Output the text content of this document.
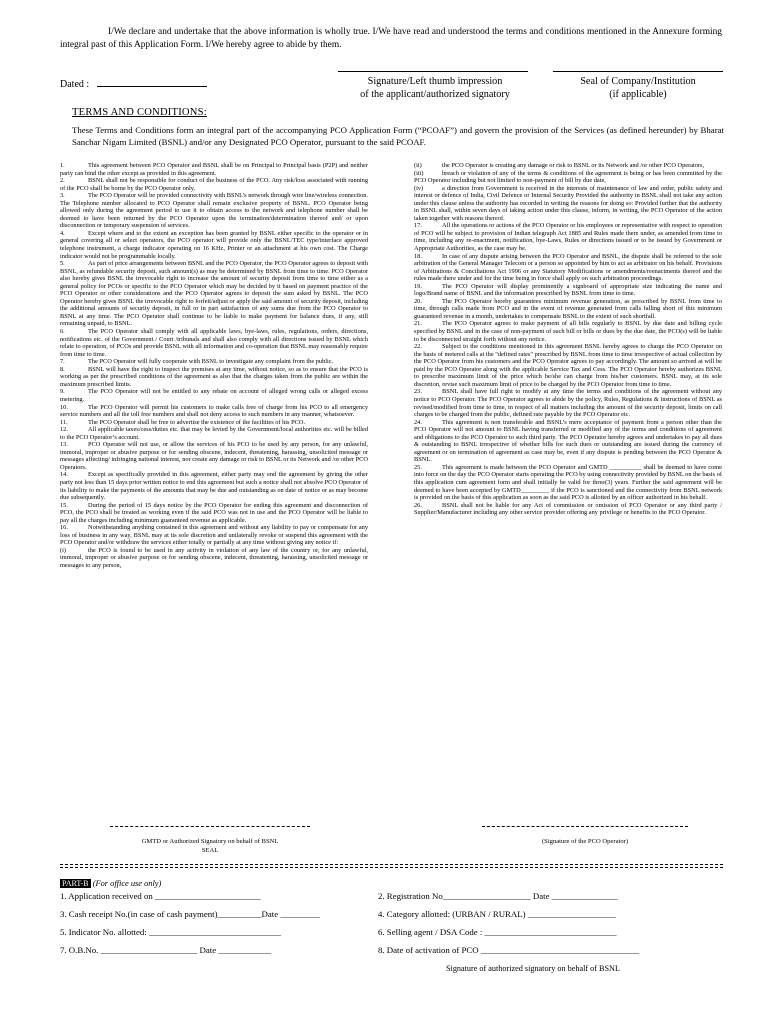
I/We declare and undertake that the above information is wholly true. I/We have read and understood the terms and conditions mentioned in the Annexure forming integral past of this Application Form. I/We hereby agree to abide by them.
Dated :	Signature/Left thumb impression
of the applicant/authorized signatory
Seal of Company/Institution
(if applicable)
TERMS AND CONDITIONS:
These Terms and Conditions form an integral part of the accompanying PCO Application Form (“PCOAF”) and govern the provision of the Services (as defined hereunder) by Bharat Sanchar Nigam Limited (BSNL) and/or any Designated PCO Operator, pursuant to the said PCOAF.

1.	This agreement between PCO Operator and BSNL shall be on Principal to Principal basis (P2P) and neither party can bind the other except as provided in this agreement.

2.	BSNL shall not be responsible for conduct of the business of the PCO. Any risk/loss associated with running of the PCO shall be borne by the PCO Operator only.

3.	The PCO Operator will be provided connectivity with BSNL’s network through wire line/wireless connection. The Telephone number allocated to PCO Operator shall remain exclusive property of BSNL. PCO Operator being allowed only during the agreement period to use it to obtain access to the network and telephone number shall be deemed to have been returned by the PCO Operator upon the termination/determination thereof and/ or upon disconnection or temporary suspension of services.

4.	Except where and to the extent an exception has been granted by BSNL either specific to the operator or in general covering all or select operators, the PCO operator will provide only the BSNL/TEC type/interface approved telephone instrument, a charge indicator operating on 16 KHz, Printer or an attachment at his own cost. The Charge indicator would not be programmable locally.

5.	As part of price arrangements between BSNL and the PCO Operator, the PCO Operator agrees to deposit with BSNL, as refundable security deposit, such amount(s) as may be determined by BSNL from time to time. PCO Operator also hereby gives BSNL the irrevocable right to increase the amount of security deposit from time to time either as a general policy for PCOs or specific to the PCO Operator which may be decided by it based on payment practice of the PCO Operator or other considerations and the PCO Operator agrees to deposit the sum asked by BSNL. The PCO Operator hereby gives BSNL the irrevocable right to forfeit/adjust or apply the said amount of security deposit, including the additional amounts of security deposit, in full or in part satisfaction of any sums due from the PCO Operator to BSNL at any time. The PCO Operator shall continue to be liable to make payment for balance dues, if any, still remaining unpaid, to BSNL.

6.	The PCO Operator shall comply with all applicable laws, bye-laws, rules, regulations, orders, directions, notifications etc. of the Government / Court /tribunals and shall also comply with all directions issued by BSNL which relate to operation, of PCOs and provide BSNL with all information and co-operation that BSNL may reasonably require from time to time.

7.	The PCO Operator will fully cooperate with BSNL to investigate any complaint from the public.

8.	BSNL will have the right to inspect the premises at any time, without notice, so as to ensure that the PCO is working as per the prescribed conditions of the agreement as also that the charges taken from the public are within the maximum prescribed limits.

9.	The PCO Operator will not be entitled to any rebate on account of alleged wrong calls or alleged excess metering.

10.	The PCO Operator will permit his customers to make calls free of charge from his PCO to all emergency service numbers and all the toll free numbers and shall not deny access to such numbers in any manner, whatsoever.

11.	The PCO Operator shall be free to advertise the existence of the facilities of his PCO.

12.	All applicable taxes/cess/duties etc. that may be levied by the Government/local authorities etc. will be billed to the PCO Operator’s account.

13.	PCO Operator will not use, or allow the services of his PCO to be used by any person, for any unlawful, immoral, improper or abusive purpose or for sending obscene, indecent, threatening, harassing, unsolicited message or messages affecting/ infringing national interest, nor create any damage or risk to BSNL or its Network and /or other PCO Operators.

14.	Except as specifically provided in this agreement, either party may end the agreement by giving the other party not less than 15 days prior written notice to end this agreement but such a notice shall not absolve PCO Operator of its liability to make the payments of the amounts that may be due and outstanding as on date of notice or as may become due subsequently.

15.	During the period of 15 days notice by the PCO Operator for ending this agreement and disconnection of PCO, the PCO shall be treated as working even if the said PCO was not in use and the PCO Operator will be liable to pay all the charges including minimum guaranteed revenue as applicable.

16.	Notwithstanding anything contained in this agreement and without any liability to pay or compensate for any loss of business in any way, BSNL may at its sole discretion and unilaterally revoke or suspend this agreement with the PCO Operator and/or withdraw the services either totally or partially at any time without giving any notice if:

(i)	the PCO is found to be used in any activity in violation of any law of the country or, for any unlawful, immoral, improper or abusive purpose or for sending obscene, indecent, threatening, harassing, unsolicited message or messages to any person,

(ii)	the PCO Operator is creating any damage or risk to BSNL or its Network and /or other PCO Operators,

(iii)	breach or violation of any of the terms & conditions of the agreement is being or has been committed by the PCO Operator including but not limited to non-payment of bill by due date,

(iv)	a direction from Government is received in the interests of maintenance of law and order, public safety and interest or defence of India, Civil Defence or Internal Security Provided the authority in BSNL shall not take any action under this clause unless the authority has recorded in writing the reasons for doing so: Provided further that the authority in BSNL shall, within seven days of taking action under this clause, inform, in writing, the PCO Operator of the action taken together with reasons thereof.

17.	All the operations or actions of the PCO Operator or his employees or representative with respect to operation of PCO will be subject to provision of Indian telegraph Act 1885 and Rules made there under, as amended from time to time, including any re-enactment, notification, bye-Laws, Rules or directions issued or to be issued by Government or Appropriate Authorities, as the case may be.

18.	In case of any dispute arising between the PCO Operator and BSNL, the dispute shall be referred to the sole arbitration of the General Manager Telecom or a person so appointed by him to act as arbitrator on his behalf. Provisions of Arbitrations & Conciliations Act 1996 or any Statutory Modifications or amendments/reenactments thereof and the rules made there under and for the time being in force shall apply on such arbitration proceedings.

19.	The PCO Operator will display prominently a signboard of appropriate size indicating the name and logo/Brand name of BSNL and the information prescribed by BSNL from time to time.

20.	The PCO Operator hereby guarantees minimum revenue generation, as prescribed by BSNL from time to time, through calls made from PCO and in the event of revenue generated from calls falling short of this minimum guaranteed revenue in a month, undertakes to compensate BSNL to the extent of such shortfall.

21.	The PCO Operator agrees to make payment of all bills regularly to BSNL by due date and billing cycle specified by BSNL and in the case of non-payment of such bill or bills or dues by the due date, the PCO(s) will be liable to be disconnected straight forth without any notice.

22.	Subject to the conditions mentioned in this agreement BSNL hereby agrees to charge the PCO Operator on the basis of metered calls at the "defined rates" prescribed by BSNL from time to time irrespective of actual collection by the PCO Operator from his customers and the PCO Operator agrees to pay accordingly. The amount so arrived at will be paid by the PCO Operator along with the applicable Service Tax and Cess. The PCO Operator hereby authorizes BSNL to prescribe maximum limit of the price which he/she can charge from his/her customers. BSNL may, at its sole discretion, revise such maximum limit of price to be charged by the PCO Operator from time to time.

23.	BSNL shall have full right to modify at any time the terms and conditions of the agreement without any notice to PCO Operator. The PCO Operator agrees to abide by the policy, Rules, Regulations & instructions of BSNL as revised/modified from time to time, in respect of all matters including the amount of the security deposit, limits on call charges to be charged from the public, defined rate payable by the PCO Operator etc.

24.	This agreement is non transferable and BSNL’s mere acceptance of payment from a person other than the PCO Operator will not amount to BSNL having transferred or modified any of the terms and conditions of agreement and obligations to the PCO Operator to such third party. The PCO Operator hereby agrees and undertakes to pay all dues & outstanding to BSNL irrespective of whether bills for such dues or outstanding are issued during the currency of agreement or on termination of agreement as case may be, even if any dispute is pending between the PCO Operator & BSNL.

25.	This agreement is made between the PCO Operator and GMTD __________ shall be deemed to have come into force on the day the PCO Operator starts operating the PCO by using connectivity provided by BSNL on the basis of this application cum agreement form and shall initially be valid for three(3) years. Further the said agreement will be deemed to have been accepted by GMTD_________ if the PCO is sanctioned and the connectivity from BSNL network is provided on the basis of this application as soon as the said PCO is allotted by an officer authorized in his behalf.

26.	BSNL shall not be liable for any Act of commission or omission of PCO Operator or any third party / Supplier/Manufacturer including any other service provider offering any privilege or benefits to the PCO Operator.

GMTD or Authorized Signatory on behalf of BSNL
SEAL
(Signature of the PCO Operator)
PART-B (For office use only)
1. Application received on ________________________
3. Cash receipt No.(in case of cash payment)__________Date _________
5. Indicator No. allotted: ______________________________
7. O.B.No. ______________________ Date ____________
2. Registration No____________________ Date _______________
4. Category allotted: (URBAN / RURAL) ____________________
6. Selling agent / DSA Code : ______________________________
8. Date of activation of PCO ____________________________________
Signature of authorized signatory on behalf of BSNL
